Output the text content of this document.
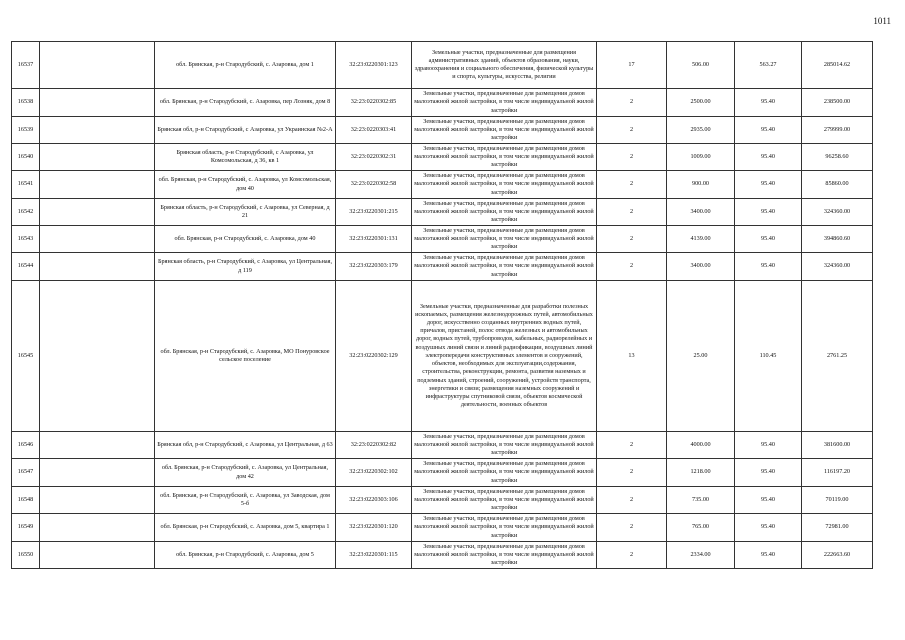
1011
16537		обл. Брянская, р-н Стародубский, с. Азаровка, дом 1	32:23:0220301:123	Земельные участки, предназначенные для размещения административных зданий, объектов образования, науки, здравоохранения и социального обеспечения, физической культуры и спорта, культуры, искусства, религии	17	506.00	563.27	285014.62
16538		обл. Брянская, р-н Стародубский, с. Азаровка, пер Лозняк, дом 8	32:23:0220302:85	Земельные участки, предназначенные для размещения домов малоэтажной жилой застройки, в том числе индивидуальной жилой застройки	2	2500.00	95.40	238500.00
16539		Брянская обл, р-н Стародубский, с Азаровка, ул Украинская №2-А	32:23:0220303:41	Земельные участки, предназначенные для размещения домов малоэтажной жилой застройки, в том числе индивидуальной жилой застройки	2	2935.00	95.40	279999.00
16540		Брянская область, р-н Стародубский, с Азаровка, ул Комсомольская, д 36, кв 1	32:23:0220302:31	Земельные участки, предназначенные для размещения домов малоэтажной жилой застройки, в том числе индивидуальной жилой застройки	2	1009.00	95.40	96258.60
16541		обл. Брянская, р-н Стародубский, с. Азаровка, ул Комсомольская, дом 40	32:23:0220302:58	Земельные участки, предназначенные для размещения домов малоэтажной жилой застройки, в том числе индивидуальной жилой застройки	2	900.00	95.40	85860.00
16542		Брянская область, р-н Стародубский, с Азаровка, ул Северная, д 21	32:23:0220301:215	Земельные участки, предназначенные для размещения домов малоэтажной жилой застройки, в том числе индивидуальной жилой застройки	2	3400.00	95.40	324360.00
16543		обл. Брянская, р-н Стародубский, с. Азаровка, дом 40	32:23:0220301:131	Земельные участки, предназначенные для размещения домов малоэтажной жилой застройки, в том числе индивидуальной жилой застройки	2	4139.00	95.40	394860.60
16544		Брянская область, р-н Стародубский, с Азаровка, ул Центральная, д 119	32:23:0220303:179	Земельные участки, предназначенные для размещения домов малоэтажной жилой застройки, в том числе индивидуальной жилой застройки	2	3400.00	95.40	324360.00
16545		обл. Брянская, р-н Стародубский, с. Азаровка, МО Понуровское сельское поселение	32:23:0220302:129	Земельные участки, предназначенные для разработки полезных ископаемых, размещения железнодорожных путей, автомобильных дорог, искусственно созданных внутренних водных путей, причалов, пристаней, полос отвода железных и автомобильных дорог, водных путей, трубопроводов, кабельных, радиорелейных и воздушных линий связи и линий радиофикации, воздушных линий электропередачи конструктивных элементов и сооружений, объектов, необходимых для эксплуатации,содержания, строительства, реконструкции, ремонта, развития наземных и подземных зданий, строений, сооружений, устройств транспорта, энергетики и связи; размещения наземных сооружений и инфраструктуры спутниковой связи, объектов космической деятельности, военных объектов	13	25.00	110.45	2761.25
16546		Брянская обл, р-н Стародубский, с Азаровка, ул Центральная, д 63	32:23:0220302:82	Земельные участки, предназначенные для размещения домов малоэтажной жилой застройки, в том числе индивидуальной жилой застройки	2	4000.00	95.40	381600.00
16547		обл. Брянская, р-н Стародубский, с. Азаровка, ул Центральная, дом 42	32:23:0220302:102	Земельные участки, предназначенные для размещения домов малоэтажной жилой застройки, в том числе индивидуальной жилой застройки	2	1218.00	95.40	116197.20
16548		обл. Брянская, р-н Стародубский, с. Азаровка, ул Заводская, дом 5-б	32:23:0220303:106	Земельные участки, предназначенные для размещения домов малоэтажной жилой застройки, в том числе индивидуальной жилой застройки	2	735.00	95.40	70119.00
16549		обл. Брянская, р-н Стародубский, с. Азаровка, дом 5, квартира 1	32:23:0220301:120	Земельные участки, предназначенные для размещения домов малоэтажной жилой застройки, в том числе индивидуальной жилой застройки	2	765.00	95.40	72981.00
16550		обл. Брянская, р-н Стародубский, с. Азаровка, дом 5	32:23:0220301:115	Земельные участки, предназначенные для размещения домов малоэтажной жилой застройки, в том числе индивидуальной жилой застройки	2	2334.00	95.40	222663.60
